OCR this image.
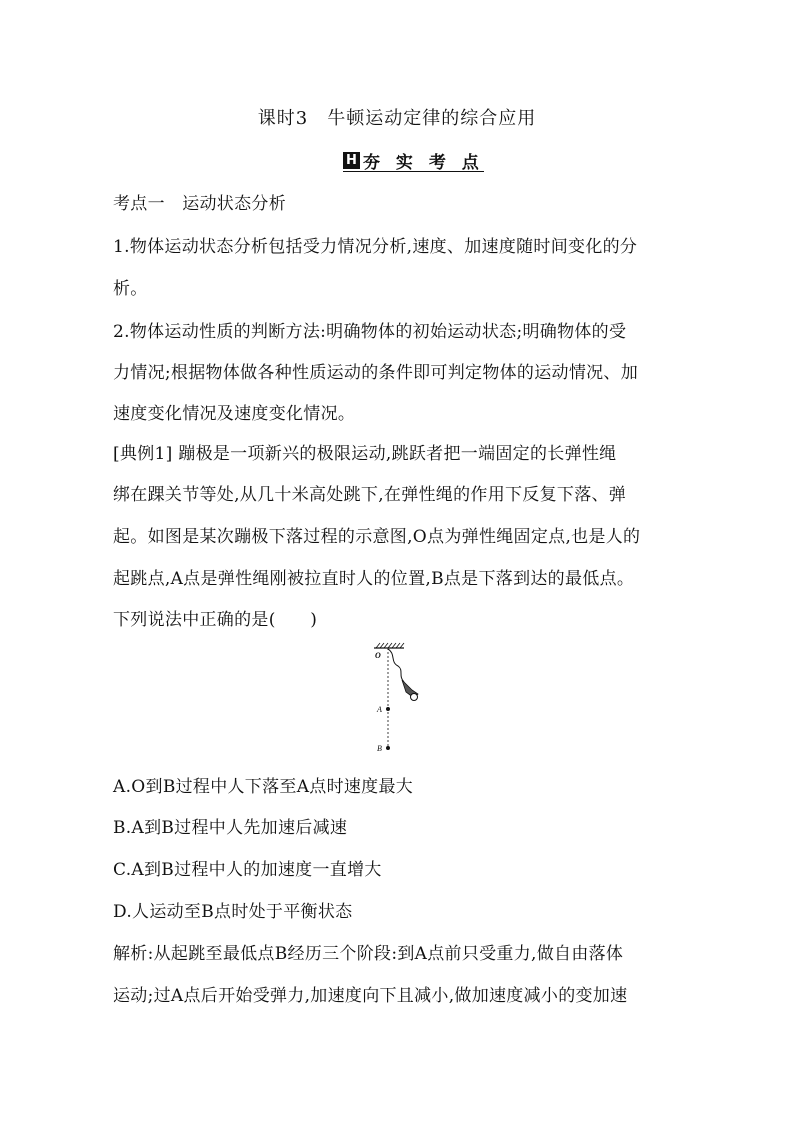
课时3　牛顿运动定律的综合应用
H 夯 实 考 点
考点一　运动状态分析
1.物体运动状态分析包括受力情况分析,速度、加速度随时间变化的分
析。
2.物体运动性质的判断方法:明确物体的初始运动状态;明确物体的受
力情况;根据物体做各种性质运动的条件即可判定物体的运动情况、加
速度变化情况及速度变化情况。
[典例1] 蹦极是一项新兴的极限运动,跳跃者把一端固定的长弹性绳
绑在踝关节等处,从几十米高处跳下,在弹性绳的作用下反复下落、弹
起。如图是某次蹦极下落过程的示意图,O点为弹性绳固定点,也是人的
起跳点,A点是弹性绳刚被拉直时人的位置,B点是下落到达的最低点。
下列说法中正确的是(　　)
O
A
B
A.O到B过程中人下落至A点时速度最大
B.A到B过程中人先加速后减速
C.A到B过程中人的加速度一直增大
D.人运动至B点时处于平衡状态
解析:从起跳至最低点B经历三个阶段:到A点前只受重力,做自由落体
运动;过A点后开始受弹力,加速度向下且减小,做加速度减小的变加速
